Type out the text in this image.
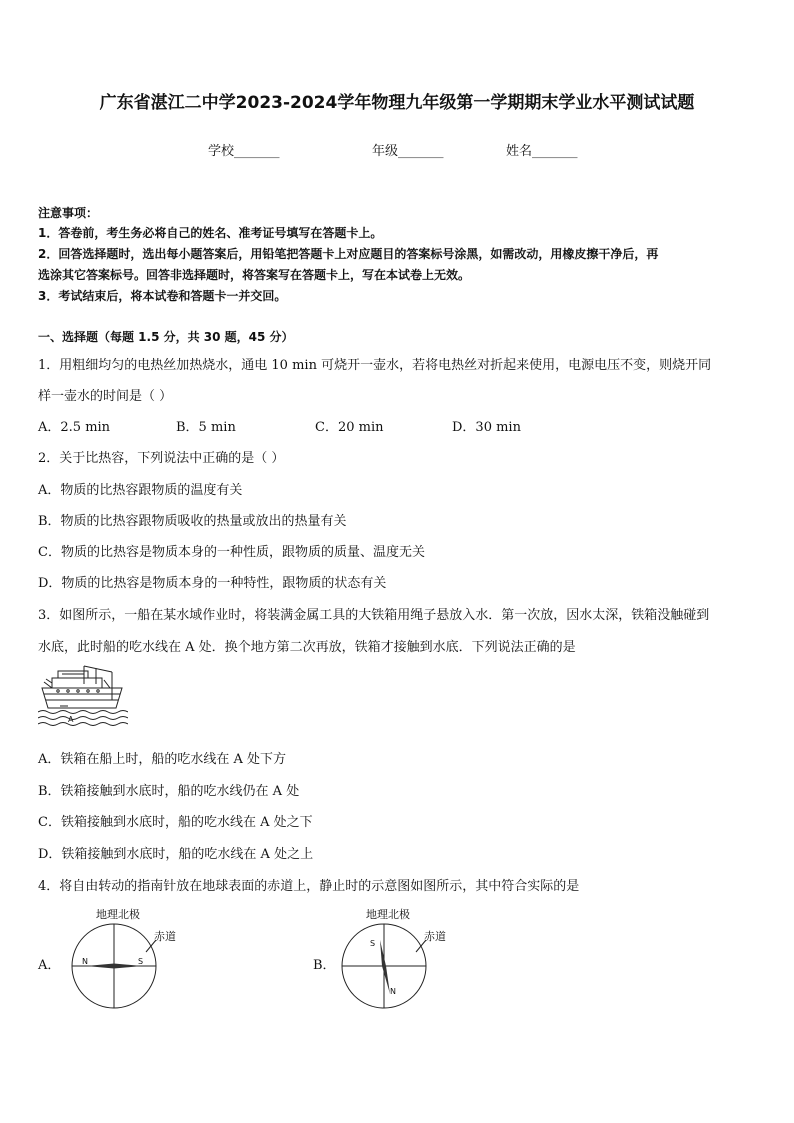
广东省湛江二中学2023-2024学年物理九年级第一学期期末学业水平测试试题
学校_______	年级_______	姓名_______
注意事项：
1．答卷前，考生务必将自己的姓名、准考证号填写在答题卡上。
2．回答选择题时，选出每小题答案后，用铅笔把答题卡上对应题目的答案标号涂黑，如需改动，用橡皮擦干净后，再
选涂其它答案标号。回答非选择题时，将答案写在答题卡上，写在本试卷上无效。
3．考试结束后，将本试卷和答题卡一并交回。
一、选择题（每题 1.5 分，共 30 题，45 分）
1．用粗细均匀的电热丝加热烧水，通电 10 min 可烧开一壶水，若将电热丝对折起来使用，电源电压不变，则烧开同
样一壶水的时间是（ ）
A．2.5 min	B．5 min	C．20 min	D．30 min
2．关于比热容，下列说法中正确的是（ ）
A．物质的比热容跟物质的温度有关
B．物质的比热容跟物质吸收的热量或放出的热量有关
C．物质的比热容是物质本身的一种性质，跟物质的质量、温度无关
D．物质的比热容是物质本身的一种特性，跟物质的状态有关
3．如图所示，一船在某水域作业时，将装满金属工具的大铁箱用绳子悬放入水．第一次放，因水太深，铁箱没触碰到
水底，此时船的吃水线在 A 处．换个地方第二次再放，铁箱才接触到水底．下列说法正确的是
A
A．铁箱在船上时，船的吃水线在 A 处下方
B．铁箱接触到水底时，船的吃水线仍在 A 处
C．铁箱接触到水底时，船的吃水线在 A 处之下
D．铁箱接触到水底时，船的吃水线在 A 处之上
4．将自由转动的指南针放在地球表面的赤道上，静止时的示意图如图所示，其中符合实际的是
A．
地理北极
赤道
N	S	B．
地理北极
赤道
S
N
